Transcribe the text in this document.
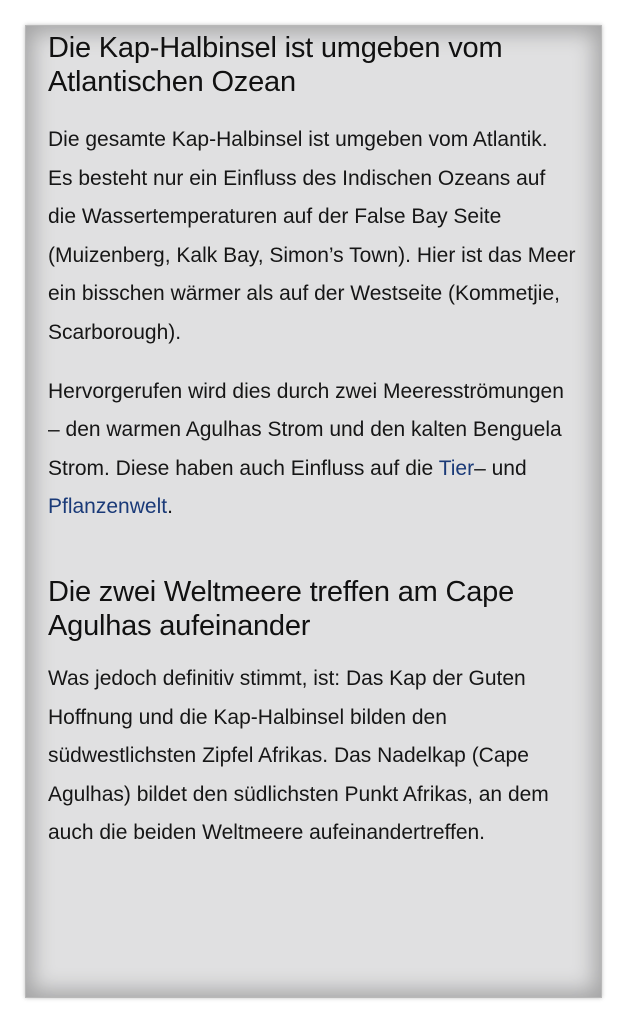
Die Kap-Halbinsel ist umgeben vom Atlantischen Ozean

Die gesamte Kap-Halbinsel ist umgeben vom Atlantik. Es besteht nur ein Einfluss des Indischen Ozeans auf die Wassertemperaturen auf der False Bay Seite (Muizenberg, Kalk Bay, Simon’s Town). Hier ist das Meer ein bisschen wärmer als auf der Westseite (Kommetjie, Scarborough).

Hervorgerufen wird dies durch zwei Meeresströmungen – den warmen Agulhas Strom und den kalten Benguela Strom. Diese haben auch Einfluss auf die Tier– und Pflanzenwelt.

Die zwei Weltmeere treffen am Cape Agulhas aufeinander

Was jedoch definitiv stimmt, ist: Das Kap der Guten Hoffnung und die Kap-Halbinsel bilden den südwestlichsten Zipfel Afrikas. Das Nadelkap (Cape Agulhas) bildet den südlichsten Punkt Afrikas, an dem auch die beiden Weltmeere aufeinandertreffen.
